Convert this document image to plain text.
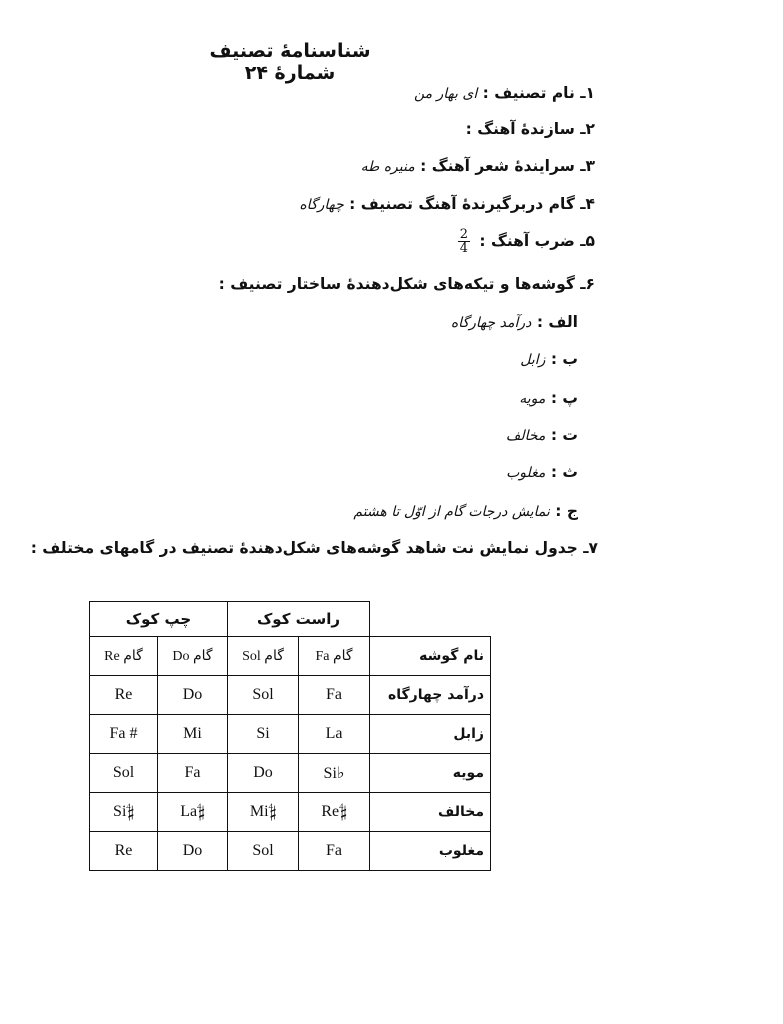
شناسنامهٔ تصنیف شمارهٔ ۲۴
۱ـ نام تصنیف : ای بهار من
۲ـ سازندهٔ آهنگ :
۳ـ سرایندهٔ شعر آهنگ : منیره طه
۴ـ گام دربرگیرندهٔ آهنگ تصنیف : چهارگاه
۵ـ ضرب آهنگ :
$\frac{2}{4}$
۶ـ گوشه‌ها و تیکه‌های شکل‌دهندهٔ ساختار تصنیف :
الف : درآمد چهارگاه
ب : زابل
پ : مویه
ت : مخالف
ث : مغلوب
ج : نمایش درجات گام از اوّل تا هشتم
۷ـ جدول نمایش نت شاهد گوشه‌های شکل‌دهندهٔ تصنیف در گامهای مختلف :
چپ کوک		راست کوک		
گام Re	گام Do	گام Sol	گام Fa	نام گوشه
Re	Do	Sol	Fa	درآمد چهارگاه
Fa #	Mi	Si	La	زابل
Sol	Fa	Do	Si♭	مویه
Si𝄲	La𝄲	Mi𝄲	Re𝄲	مخالف
Re	Do	Sol	Fa	مغلوب
